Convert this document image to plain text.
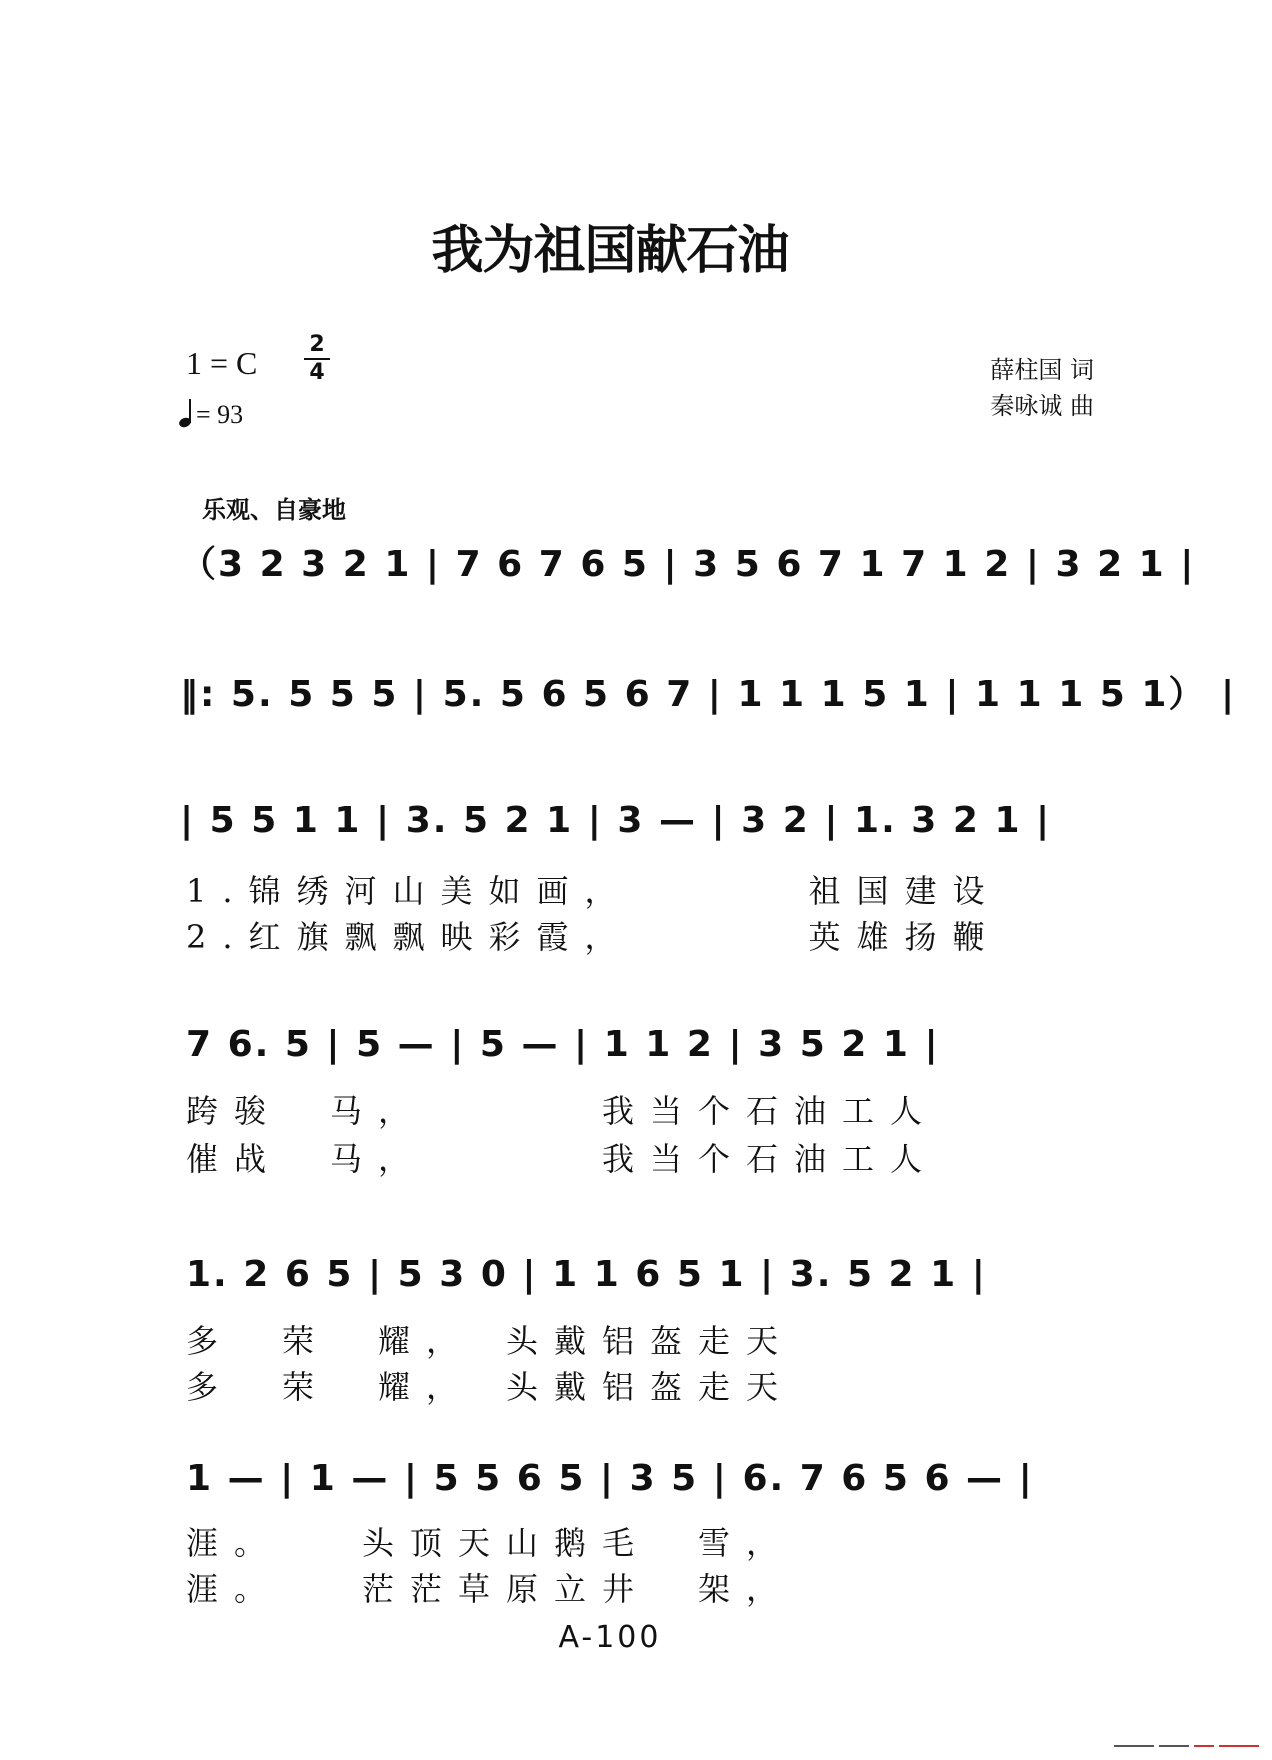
我为祖国献石油
1 = C
2
4
= 93
薛柱国 词
秦咏诚 曲
乐观、自豪地
（3 2 3 2 1 | 7 6 7 6 5 | 3 5 6 7 1 7 1 2 | 3 2 1 |
‖: 5. 5 5 5 | 5. 5 6 5 6 7 | 1 1 1 5 1 | 1 1 1 5 1） |
| 5 5 1 1 | 3. 5 2 1 | 3 — | 3 2 | 1. 3 2 1 |
1.锦绣河山美如画，　　　　祖国建设
2.红旗飘飘映彩霞，　　　　英雄扬鞭
7 6. 5 | 5 — | 5 — | 1 1 2 | 3 5 2 1 |
跨骏　马，　　　　我当个石油工人
催战　马，　　　　我当个石油工人
1. 2 6 5 | 5 3 0 | 1 1 6 5 1 | 3. 5 2 1 |
多　荣　耀，　头戴铝盔走天
多　荣　耀，　头戴铝盔走天
1 — | 1 — | 5 5 6 5 | 3 5 | 6. 7 6 5 6 — |
涯。　　头顶天山鹅毛　雪，
涯。　　茫茫草原立井　架，
A-100
